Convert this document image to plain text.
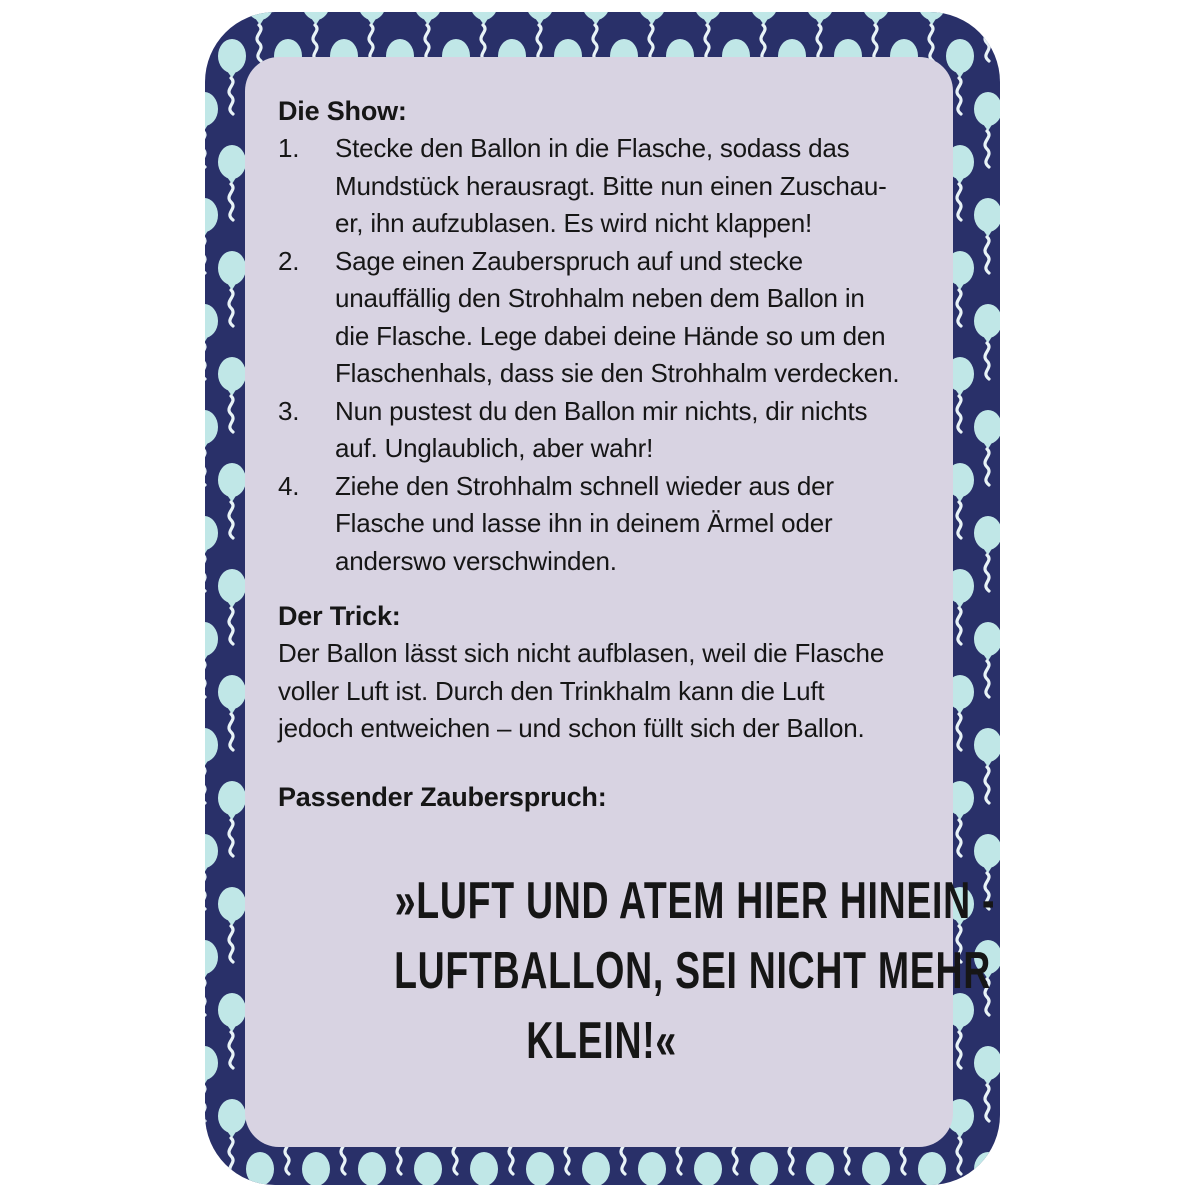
Die Show:
1.	Stecke den Ballon in die Flasche, sodass das
Mundstück herausragt. Bitte nun einen Zuschau-
er, ihn aufzublasen. Es wird nicht klappen!
2.	Sage einen Zauberspruch auf und stecke
unauffällig den Strohhalm neben dem Ballon in
die Flasche. Lege dabei deine Hände so um den
Flaschenhals, dass sie den Strohhalm verdecken.
3.	Nun pustest du den Ballon mir nichts, dir nichts
auf. Unglaublich, aber wahr!
4.	Ziehe den Strohhalm schnell wieder aus der
Flasche und lasse ihn in deinem Ärmel oder
anderswo verschwinden.
Der Trick:
Der Ballon lässt sich nicht aufblasen, weil die Flasche
voller Luft ist. Durch den Trinkhalm kann die Luft
jedoch entweichen – und schon füllt sich der Ballon.
Passender Zauberspruch:
»LUFT UND ATEM HIER HINEIN -
LUFTBALLON, SEI NICHT MEHR
KLEIN!«
